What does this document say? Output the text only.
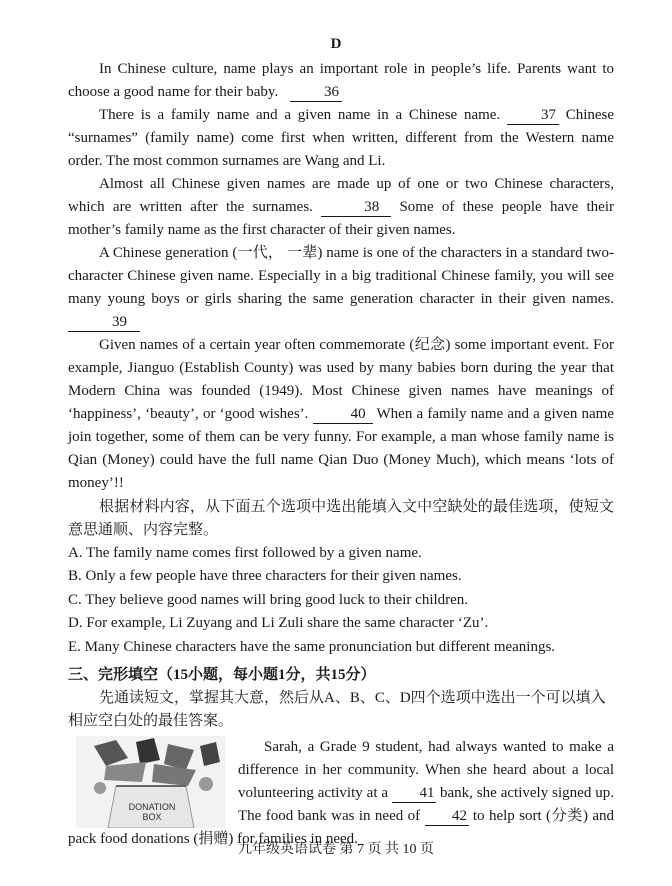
D

In Chinese culture, name plays an important role in people’s life. Parents want to choose a good name for their baby.	36

There is a family name and a given name in a Chinese name.	37 Chinese “surnames” (family name) come first when written, different from the Western name order. The most common surnames are Wang and Li.

Almost all Chinese given names are made up of one or two Chinese characters, which are written after the surnames.	38 Some of these people have their mother’s family name as the first character of their given names.

A Chinese generation (一代， 一辈) name is one of the characters in a standard two-character Chinese given name. Especially in a big traditional Chinese family, you will see many young boys or girls sharing the same generation character in their given names. 39

Given names of a certain year often commemorate (纪念) some important event. For example, Jianguo (Establish County) was used by many babies born during the year that Modern China was founded (1949). Most Chinese given names have meanings of ‘happiness’, ‘beauty’, or ‘good wishes’.	40 When a family name and a given name join together, some of them can be very funny. For example, a man whose family name is Qian (Money) could have the full name Qian Duo (Money Much), which means ‘lots of money’!!

根据材料内容，从下面五个选项中选出能填入文中空缺处的最佳选项，使短文意思通顺、内容完整。

A. The family name comes first followed by a given name.

B. Only a few people have three characters for their given names.

C. They believe good names will bring good luck to their children.

D. For example, Li Zuyang and Li Zuli share the same character ‘Zu’.

E. Many Chinese characters have the same pronunciation but different meanings.

三、完形填空（15小题，每小题1分，共15分）

先通读短文，掌握其大意，然后从A、B、C、D四个选项中选出一个可以填入相应空白处的最佳答案。

DONATION BOX

Sarah, a Grade 9 student, had always wanted to make a difference in her community. When she heard about a local volunteering activity at a 41 bank, she actively signed up. The food bank was in need of 42 to help sort (分类) and pack food donations (捐赠) for families in need.

九年级英语试卷 第 7 页 共 10 页
